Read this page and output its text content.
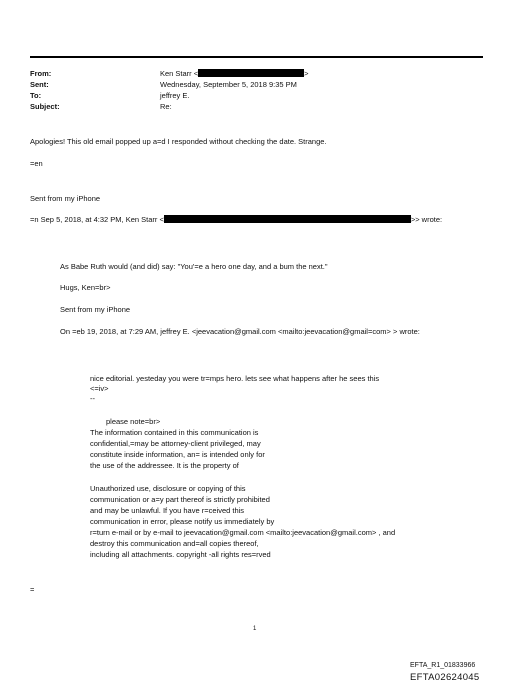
From:	Ken Starr <	>
Sent:	Wednesday, September 5, 2018 9:35 PM
To:	jeffrey E.
Subject:	Re:
Apologies! This old email popped up a=d I responded without checking the date. Strange.
=en
Sent from my iPhone
=n Sep 5, 2018, at 4:32 PM, Ken Starr <	>> wrote:
As Babe Ruth would (and did) say: "You'=e a hero one day, and a bum the next."
Hugs, Ken=br>
Sent from my iPhone
On =eb 19, 2018, at 7:29 AM, jeffrey E. <jeevacation@gmail.com <mailto:jeevacation@gmail=com> > wrote:
nice editorial. yesteday you were tr=mps hero. lets see what happens after he sees this
<=iv>
--
please note=br>
The information contained in this communication is
confidential,=may be attorney-client privileged, may
constitute inside information, an= is intended only for
the use of the addressee. It is the property of
Unauthorized use, disclosure or copying of this
communication or a=y part thereof is strictly prohibited
and may be unlawful. If you have r=ceived this
communication in error, please notify us immediately by
r=turn e-mail or by e-mail to jeevacation@gmail.com <mailto:jeevacation@gmail.com> , and
destroy this communication and=all copies thereof,
including all attachments. copyright -all rights res=rved
=
1
EFTA_R1_01833966
EFTA02624045
